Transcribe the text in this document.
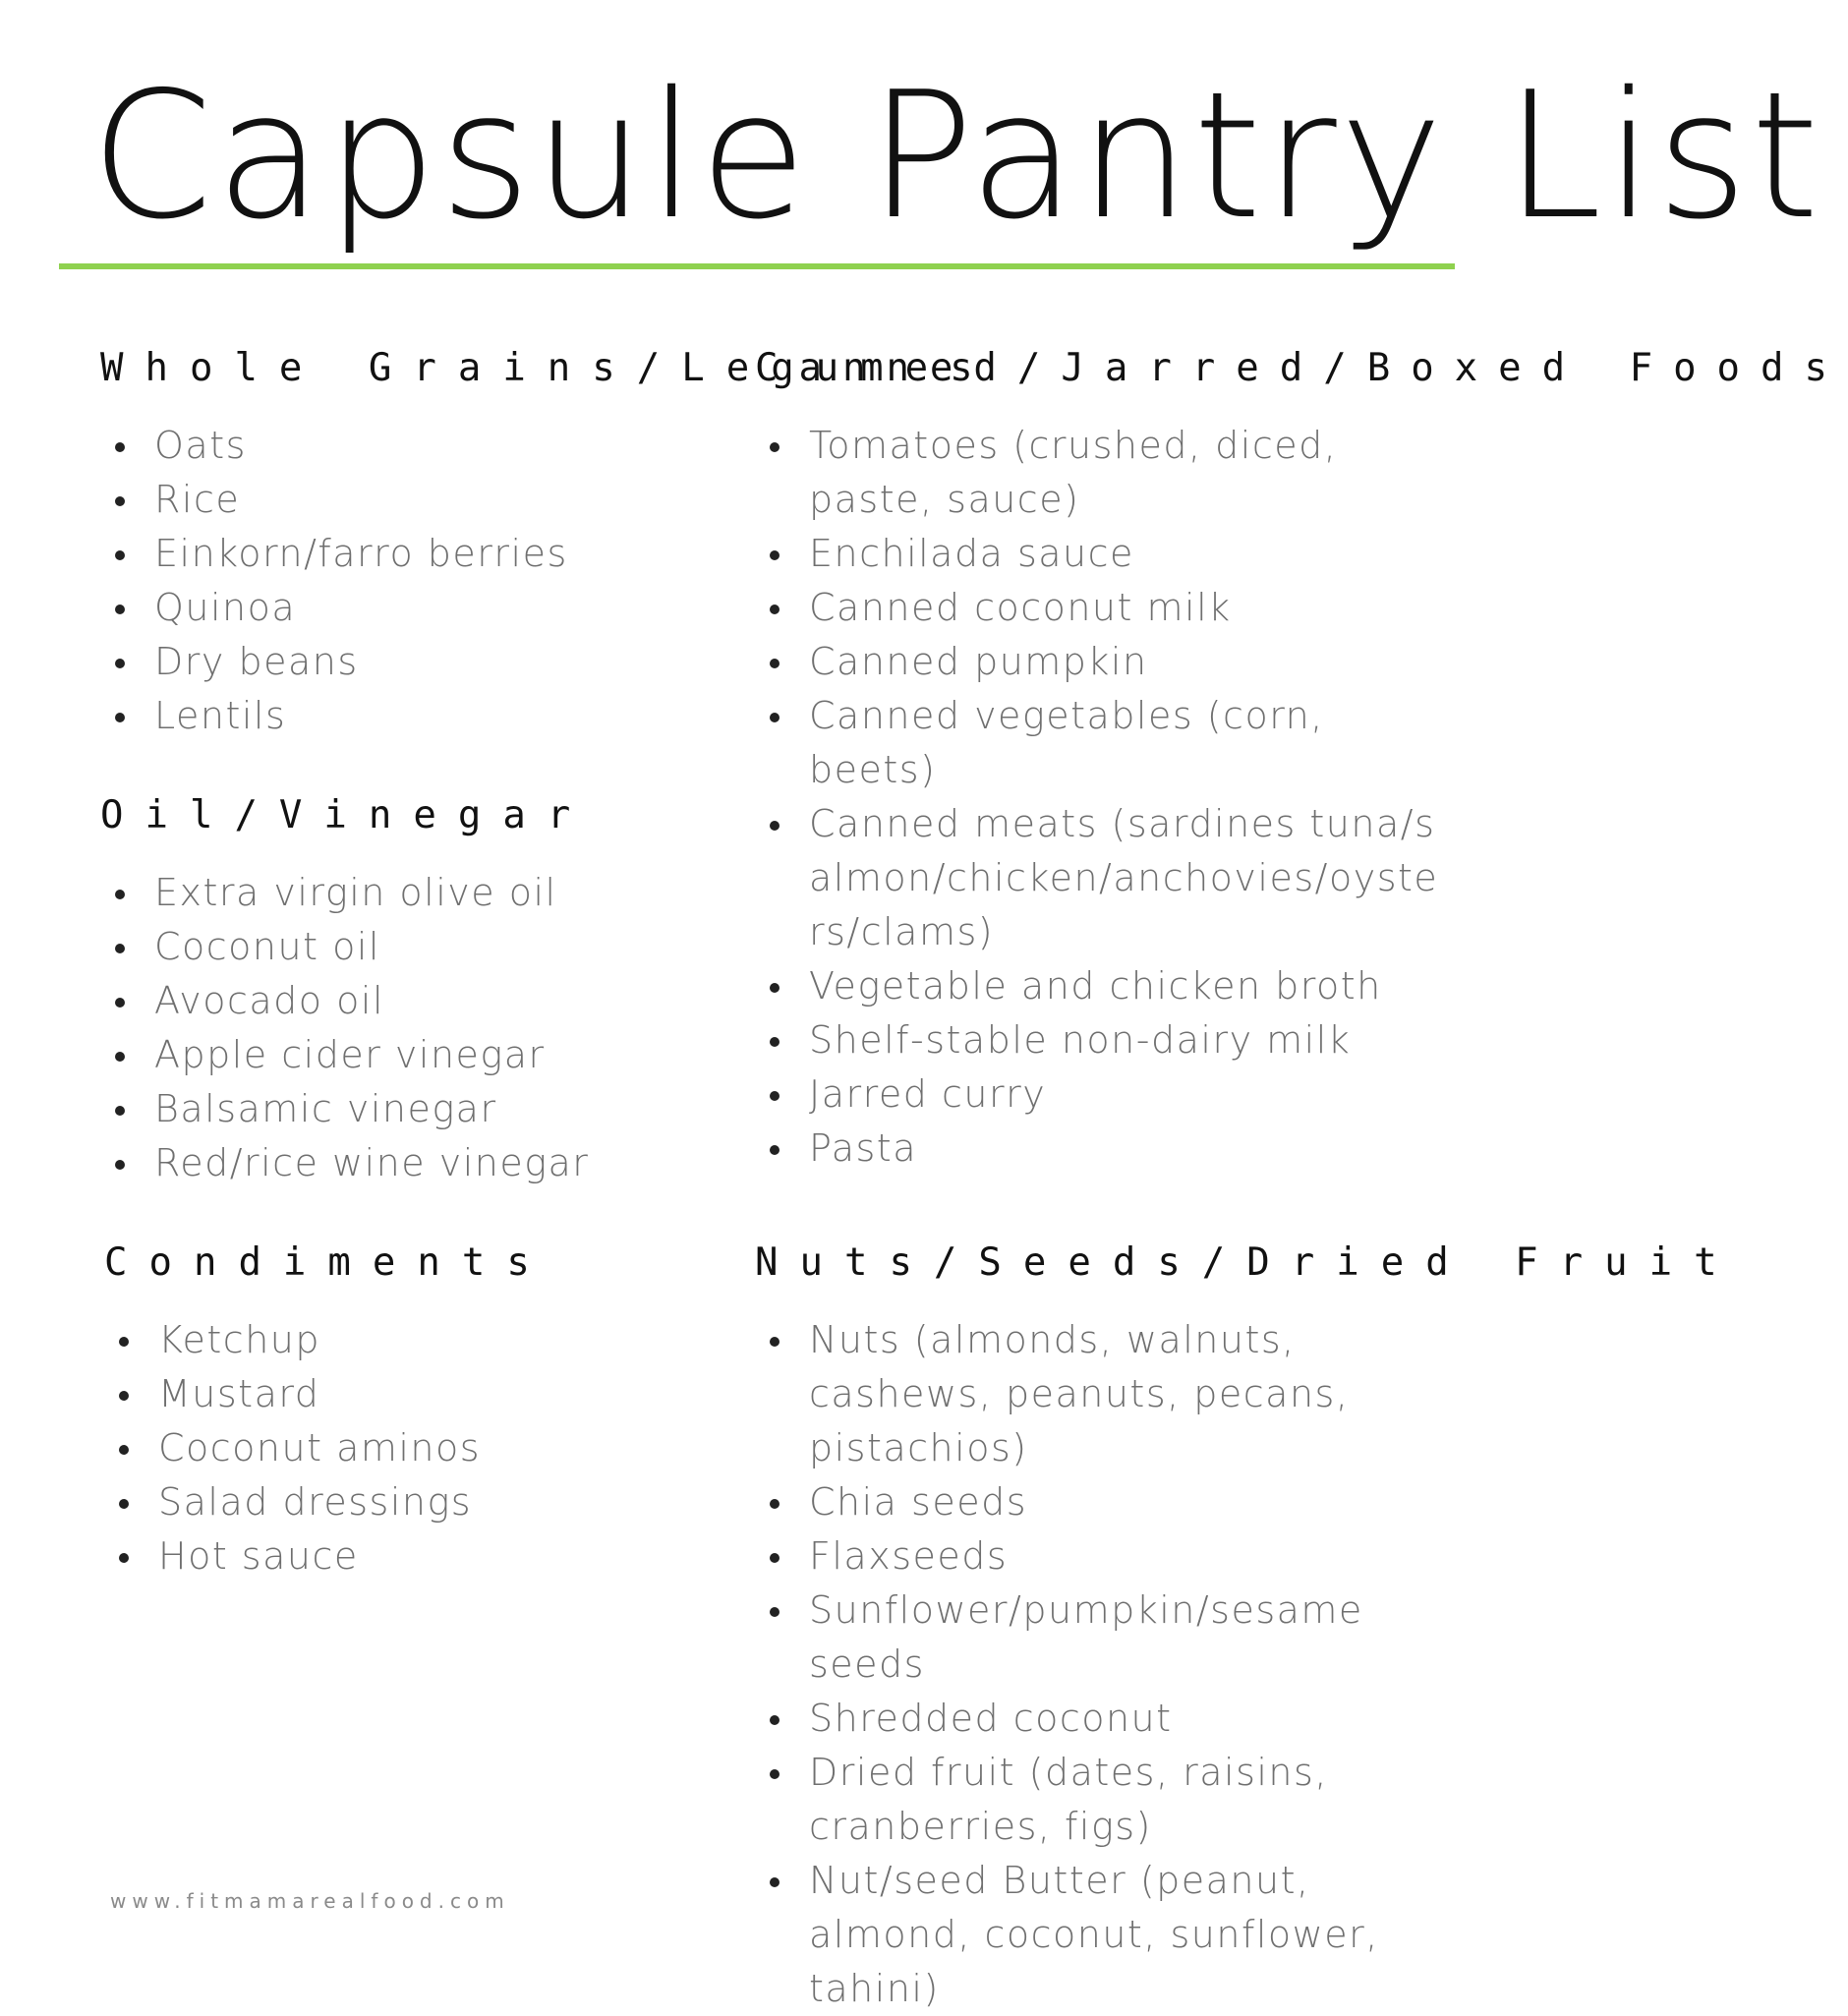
Capsule Pantry List
Whole Grains/Legumes
Oats
Rice
Einkorn/farro berries
Quinoa
Dry beans
Lentils
Oil/Vinegar
Extra virgin olive oil
Coconut oil
Avocado oil
Apple cider vinegar
Balsamic vinegar
Red/rice wine vinegar
Condiments
Ketchup
Mustard
Coconut aminos
Salad dressings
Hot sauce
Canned/Jarred/Boxed Foods
Tomatoes (crushed, diced, paste, sauce)
Enchilada sauce
Canned coconut milk
Canned pumpkin
Canned vegetables (corn, beets)
Canned meats (sardines tuna/salmon/chicken/anchovies/oysters/clams)
Vegetable and chicken broth
Shelf-stable non-dairy milk
Jarred curry
Pasta
Nuts/Seeds/Dried Fruit
Nuts (almonds, walnuts, cashews, peanuts, pecans, pistachios)
Chia seeds
Flaxseeds
Sunflower/pumpkin/sesame seeds
Shredded coconut
Dried fruit (dates, raisins, cranberries, figs)
Nut/seed Butter (peanut, almond, coconut, sunflower, tahini)
www.fitmamarealfood.com
